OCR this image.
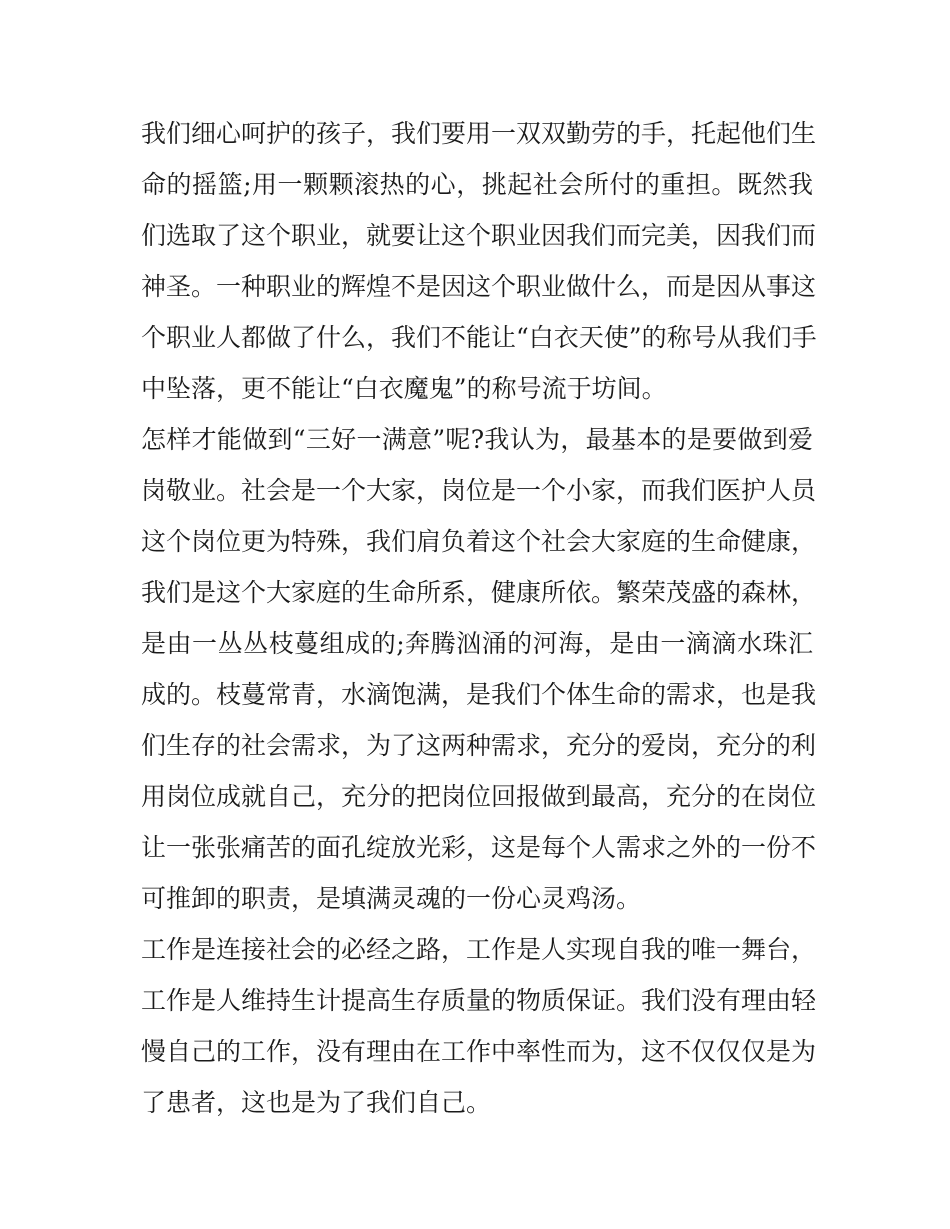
我们细心呵护的孩子，我们要用一双双勤劳的手，托起他们生
命的摇篮;用一颗颗滚热的心，挑起社会所付的重担。既然我
们选取了这个职业，就要让这个职业因我们而完美，因我们而
神圣。一种职业的辉煌不是因这个职业做什么，而是因从事这
个职业人都做了什么，我们不能让“白衣天使”的称号从我们手
中坠落，更不能让“白衣魔鬼”的称号流于坊间。
怎样才能做到“三好一满意”呢?我认为，最基本的是要做到爱
岗敬业。社会是一个大家，岗位是一个小家，而我们医护人员
这个岗位更为特殊，我们肩负着这个社会大家庭的生命健康，
我们是这个大家庭的生命所系，健康所依。繁荣茂盛的森林，
是由一丛丛枝蔓组成的;奔腾汹涌的河海，是由一滴滴水珠汇
成的。枝蔓常青，水滴饱满，是我们个体生命的需求，也是我
们生存的社会需求，为了这两种需求，充分的爱岗，充分的利
用岗位成就自己，充分的把岗位回报做到最高，充分的在岗位
让一张张痛苦的面孔绽放光彩，这是每个人需求之外的一份不
可推卸的职责，是填满灵魂的一份心灵鸡汤。
工作是连接社会的必经之路，工作是人实现自我的唯一舞台，
工作是人维持生计提高生存质量的物质保证。我们没有理由轻
慢自己的工作，没有理由在工作中率性而为，这不仅仅仅是为
了患者，这也是为了我们自己。
